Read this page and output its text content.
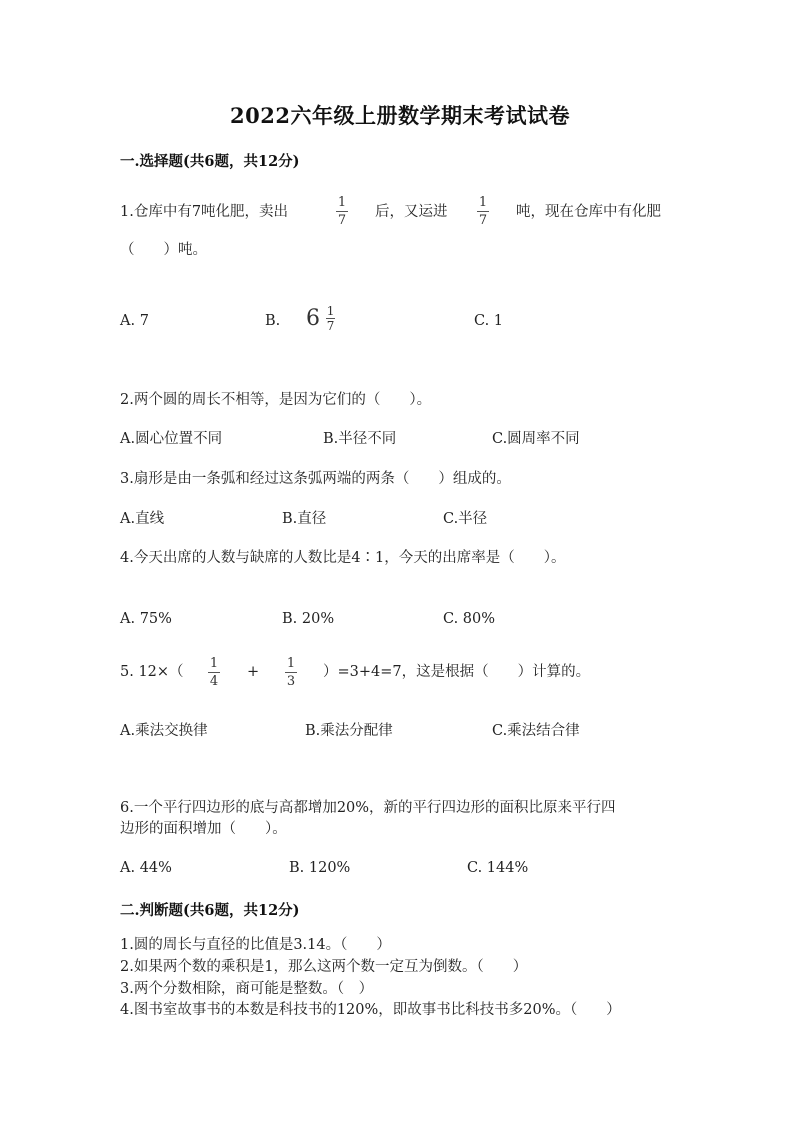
2022六年级上册数学期末考试试卷
一.选择题(共6题，共12分)
1.仓库中有7吨化肥，卖出
1
7
后，又运进
1
7
吨，现在仓库中有化肥
（　　）吨。
A. 7	B. $6 \frac{1}{7}$	C. 1
2.两个圆的周长不相等，是因为它们的（　　）。
A.圆心位置不同	B.半径不同	C.圆周率不同
3.扇形是由一条弧和经过这条弧两端的两条（　　）组成的。
A.直线	B.直径	C.半径
4.今天出席的人数与缺席的人数比是4∶1，今天的出席率是（　　）。
A. 75%	B. 20%	C. 80%
5. 12×（
1
4
+
1
3
）=3+4=7，这是根据（　　）计算的。
A.乘法交换律	B.乘法分配律	C.乘法结合律
6.一个平行四边形的底与高都增加20%，新的平行四边形的面积比原来平行四
边形的面积增加（　　）。
A. 44%	B. 120%	C. 144%
二.判断题(共6题，共12分)
1.圆的周长与直径的比值是3.14。（　　）
2.如果两个数的乘积是1，那么这两个数一定互为倒数。（　　）
3.两个分数相除，商可能是整数。（　）
4.图书室故事书的本数是科技书的120%，即故事书比科技书多20%。（　　）
